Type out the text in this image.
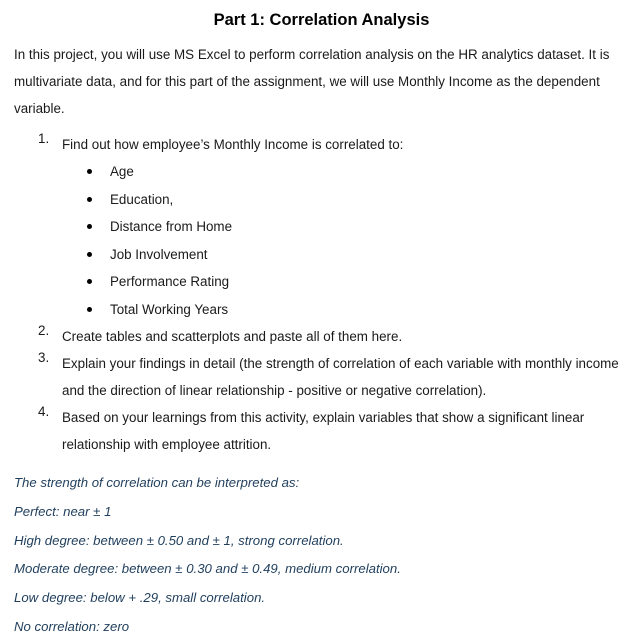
Part 1: Correlation Analysis

In this project, you will use MS Excel to perform correlation analysis on the HR analytics dataset. It is
multivariate data, and for this part of the assignment, we will use Monthly Income as the dependent
variable.

1. Find out how employee’s Monthly Income is correlated to:
Age
Education,
Distance from Home
Job Involvement
Performance Rating
Total Working Years
2. Create tables and scatterplots and paste all of them here.
3. Explain your findings in detail (the strength of correlation of each variable with monthly income
and the direction of linear relationship - positive or negative correlation).
4. Based on your learnings from this activity, explain variables that show a significant linear
relationship with employee attrition.
The strength of correlation can be interpreted as:
Perfect: near ± 1
High degree: between ± 0.50 and ± 1, strong correlation.
Moderate degree: between ± 0.30 and ± 0.49, medium correlation.
Low degree: below + .29, small correlation.
No correlation: zero
